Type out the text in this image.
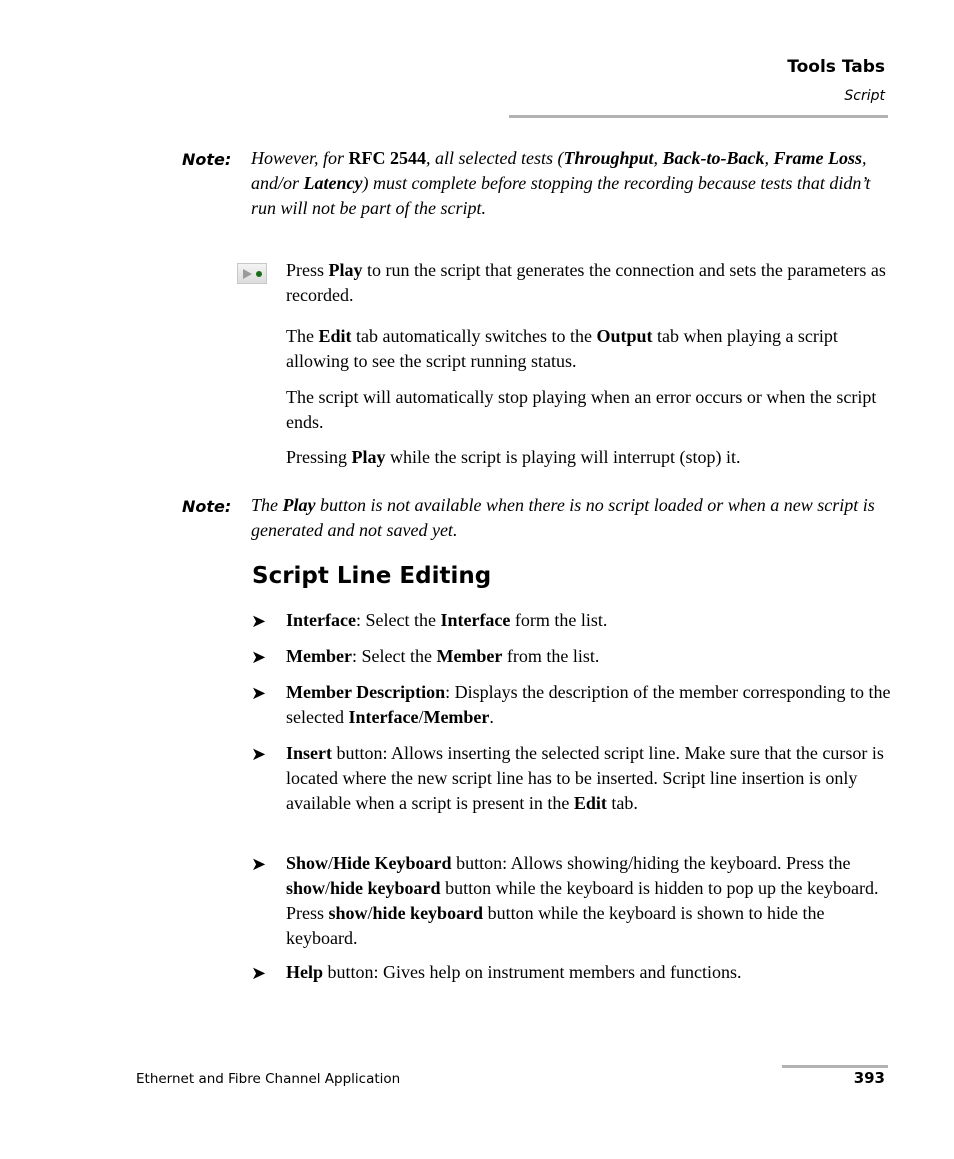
Tools Tabs
Script
Note: However, for RFC 2544, all selected tests (Throughput, Back-to-Back, Frame Loss, and/or Latency) must complete before stopping the recording because tests that didn’t run will not be part of the script.
Press Play to run the script that generates the connection and sets the parameters as recorded.
The Edit tab automatically switches to the Output tab when playing a script allowing to see the script running status.
The script will automatically stop playing when an error occurs or when the script ends.
Pressing Play while the script is playing will interrupt (stop) it.
Note: The Play button is not available when there is no script loaded or when a new script is generated and not saved yet.
Script Line Editing
➤ Interface: Select the Interface form the list.
➤ Member: Select the Member from the list.
➤ Member Description: Displays the description of the member corresponding to the selected Interface/Member.
➤ Insert button: Allows inserting the selected script line. Make sure that the cursor is located where the new script line has to be inserted. Script line insertion is only available when a script is present in the Edit tab.
➤ Show/Hide Keyboard button: Allows showing/hiding the keyboard. Press the show/hide keyboard button while the keyboard is hidden to pop up the keyboard. Press show/hide keyboard button while the keyboard is shown to hide the keyboard.
➤ Help button: Gives help on instrument members and functions.
Ethernet and Fibre Channel Application	393
